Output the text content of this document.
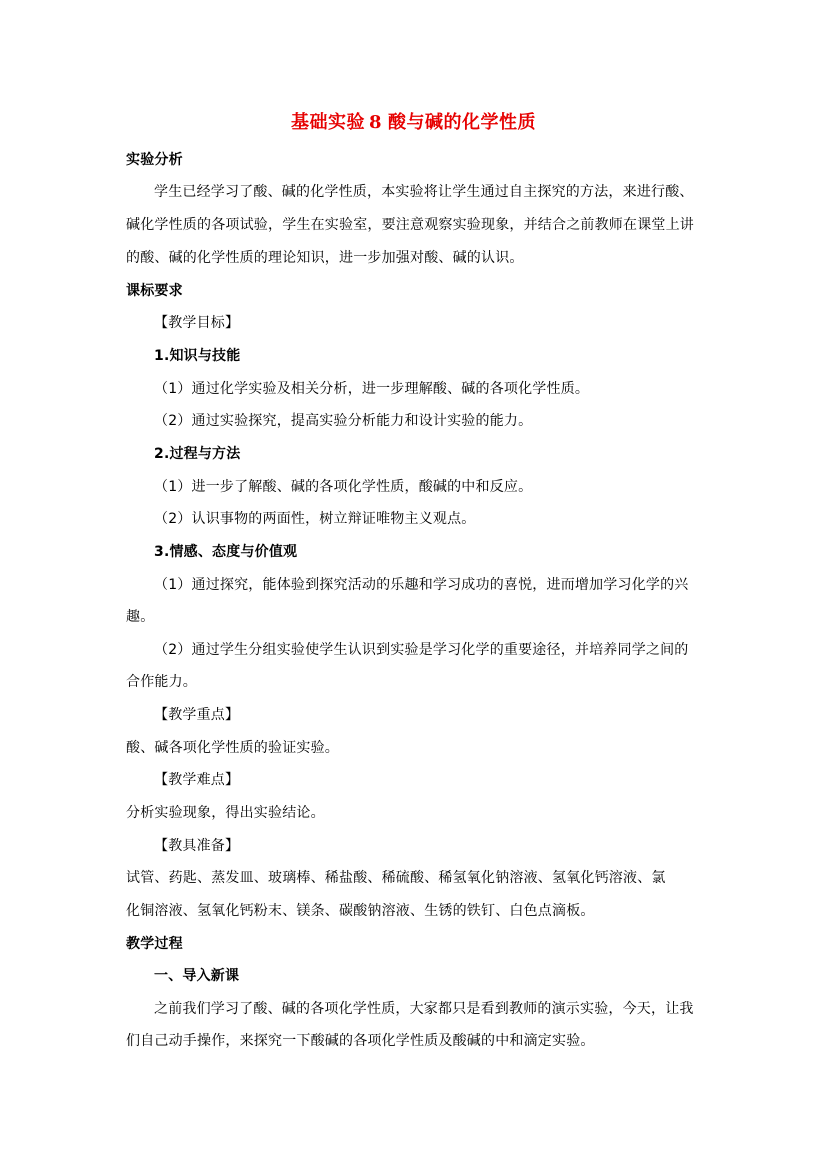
基础实验 8 酸与碱的化学性质
实验分析
学生已经学习了酸、碱的化学性质，本实验将让学生通过自主探究的方法，来进行酸、
碱化学性质的各项试验，学生在实验室，要注意观察实验现象，并结合之前教师在课堂上讲
的酸、碱的化学性质的理论知识，进一步加强对酸、碱的认识。
课标要求
【教学目标】
1.知识与技能
（1）通过化学实验及相关分析，进一步理解酸、碱的各项化学性质。
（2）通过实验探究，提高实验分析能力和设计实验的能力。
2.过程与方法
（1）进一步了解酸、碱的各项化学性质，酸碱的中和反应。
（2）认识事物的两面性，树立辩证唯物主义观点。
3.情感、态度与价值观
（1）通过探究，能体验到探究活动的乐趣和学习成功的喜悦，进而增加学习化学的兴
趣。
（2）通过学生分组实验使学生认识到实验是学习化学的重要途径，并培养同学之间的
合作能力。
【教学重点】
酸、碱各项化学性质的验证实验。
【教学难点】
分析实验现象，得出实验结论。
【教具准备】
试管、药匙、蒸发皿、玻璃棒、稀盐酸、稀硫酸、稀氢氧化钠溶液、氢氧化钙溶液、氯
化铜溶液、氢氧化钙粉末、镁条、碳酸钠溶液、生锈的铁钉、白色点滴板。
教学过程
一、导入新课
之前我们学习了酸、碱的各项化学性质，大家都只是看到教师的演示实验，今天，让我
们自己动手操作，来探究一下酸碱的各项化学性质及酸碱的中和滴定实验。
